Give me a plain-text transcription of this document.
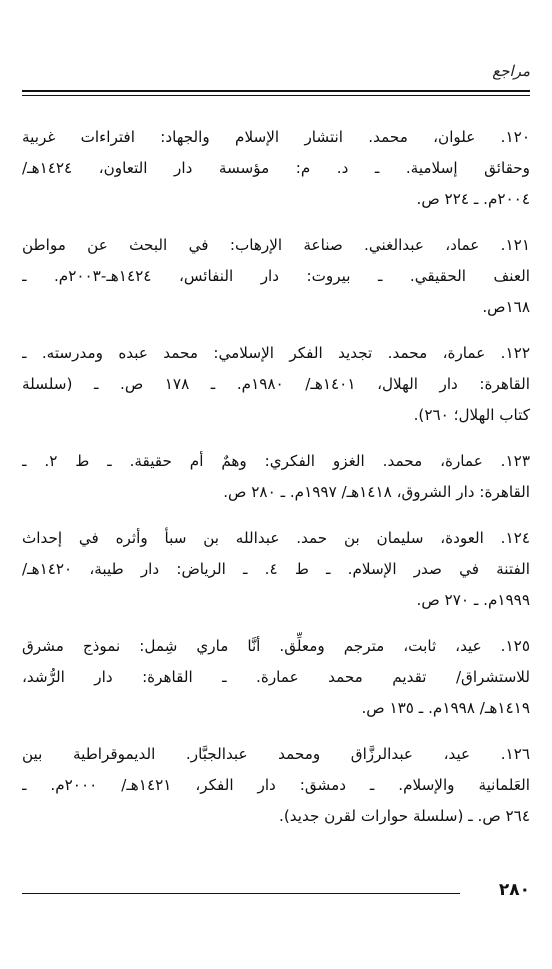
مراجع
١٢٠. علوان، محمد. انتشار الإسلام والجهاد: افتراءات غربية
وحقائق إسلامية. ـ د. م: مؤسسة دار التعاون، ١٤٢٤هـ/
٢٠٠٤م. ـ ٢٢٤ ص.
١٢١. عماد، عبدالغني. صناعة الإرهاب: في البحث عن مواطن
العنف الحقيقي. ـ بيروت: دار النفائس، ١٤٢٤هـ-٢٠٠٣م. ـ
١٦٨ص.
١٢٢. عمارة، محمد. تجديد الفكر الإسلامي: محمد عبده ومدرسته. ـ
القاهرة: دار الهلال، ١٤٠١هـ/ ١٩٨٠م. ـ ١٧٨ ص. ـ (سلسلة
كتاب الهلال؛ ٢٦٠).
١٢٣. عمارة، محمد. الغزو الفكري: وهمٌ أم حقيقة. ـ ط ٢. ـ
القاهرة: دار الشروق، ١٤١٨هـ/ ١٩٩٧م. ـ ٢٨٠ ص.
١٢٤. العودة، سليمان بن حمد. عبدالله بن سبأ وأثره في إحداث
الفتنة في صدر الإسلام. ـ ط ٤. ـ الرياض: دار طيبة، ١٤٢٠هـ/
١٩٩٩م. ـ ٢٧٠ ص.
١٢٥. عيد، ثابت، مترجم ومعلِّق. أنَّا ماري شِمل: نموذج مشرق
للاستشراق/ تقديم محمد عمارة. ـ القاهرة: دار الرُّشد،
١٤١٩هـ/ ١٩٩٨م. ـ ١٣٥ ص.
١٢٦. عيد، عبدالرزَّاق ومحمد عبدالجبَّار. الديموقراطية بين
العَلمانية والإسلام. ـ دمشق: دار الفكر، ١٤٢١هـ/ ٢٠٠٠م. ـ
٢٦٤ ص. ـ (سلسلة حوارات لقرن جديد).
٢٨٠
